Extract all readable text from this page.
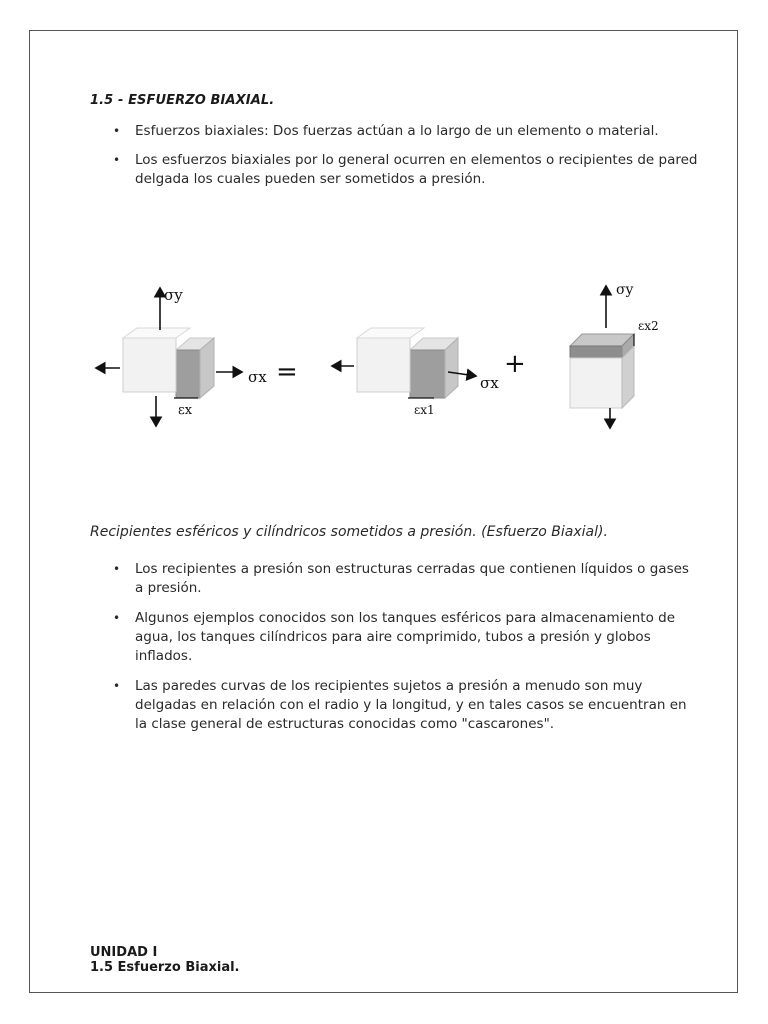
1.5 - ESFUERZO BIAXIAL.
• Esfuerzos biaxiales: Dos fuerzas actúan a lo largo de un elemento o material.
• Los esfuerzos biaxiales por lo general ocurren en elementos o recipientes de pared delgada los cuales pueden ser sometidos a presión.
σy
σx =
εx
σx
+
εx1
σy
εx2

Recipientes esféricos y cilíndricos sometidos a presión. (Esfuerzo Biaxial).

• Los recipientes a presión son estructuras cerradas que contienen líquidos o gases a presión.
• Algunos ejemplos conocidos son los tanques esféricos para almacenamiento de agua, los tanques cilíndricos para aire comprimido, tubos a presión y globos inflados.
• Las paredes curvas de los recipientes sujetos a presión a menudo son muy delgadas en relación con el radio y la longitud, y en tales casos se encuentran en la clase general de estructuras conocidas como "cascarones".
UNIDAD I
1.5 Esfuerzo Biaxial.
